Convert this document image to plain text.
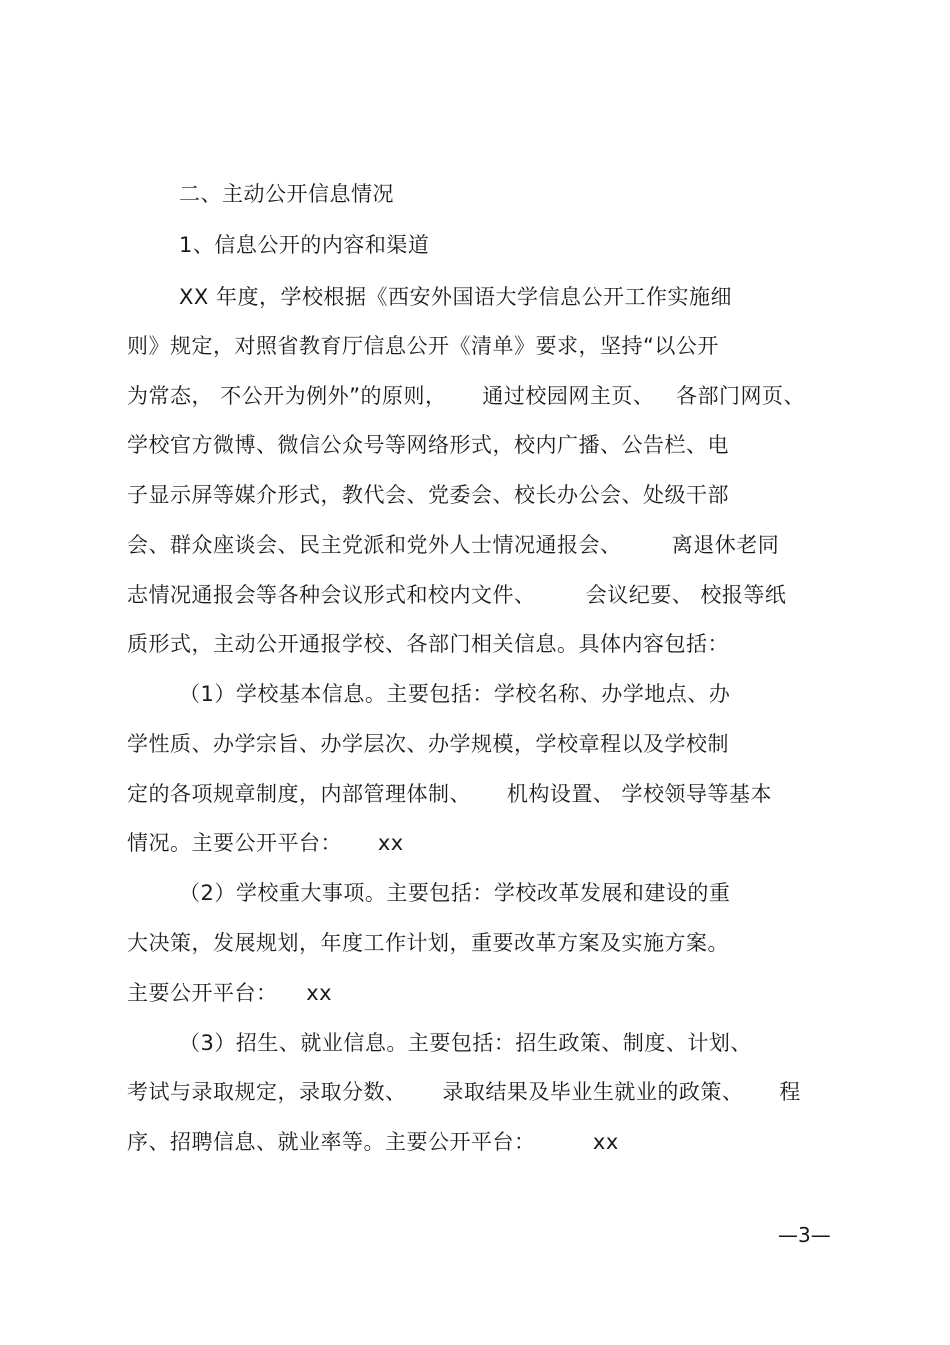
二、主动公开信息情况
1、信息公开的内容和渠道
XX 年度，学校根据《西安外国语大学信息公开工作实施细
则》规定，对照省教育厅信息公开《清单》要求，坚持“以公开
为常态， 不公开为例外”的原则，     通过校园网主页、   各部门网页、
学校官方微博、微信公众号等网络形式，校内广播、公告栏、电
子显示屏等媒介形式，教代会、党委会、校长办公会、处级干部
会、群众座谈会、民主党派和党外人士情况通报会、       离退休老同
志情况通报会等各种会议形式和校内文件、       会议纪要、 校报等纸
质形式，主动公开通报学校、各部门相关信息。具体内容包括：
（1）学校基本信息。主要包括：学校名称、办学地点、办
学性质、办学宗旨、办学层次、办学规模，学校章程以及学校制
定的各项规章制度，内部管理体制、     机构设置、 学校领导等基本
情况。主要公开平台：     xx
（2）学校重大事项。主要包括：学校改革发展和建设的重
大决策，发展规划，年度工作计划，重要改革方案及实施方案。
主要公开平台：    xx
（3）招生、就业信息。主要包括：招生政策、制度、计划、
考试与录取规定，录取分数、     录取结果及毕业生就业的政策、     程
序、招聘信息、就业率等。主要公开平台：        xx
—3—
